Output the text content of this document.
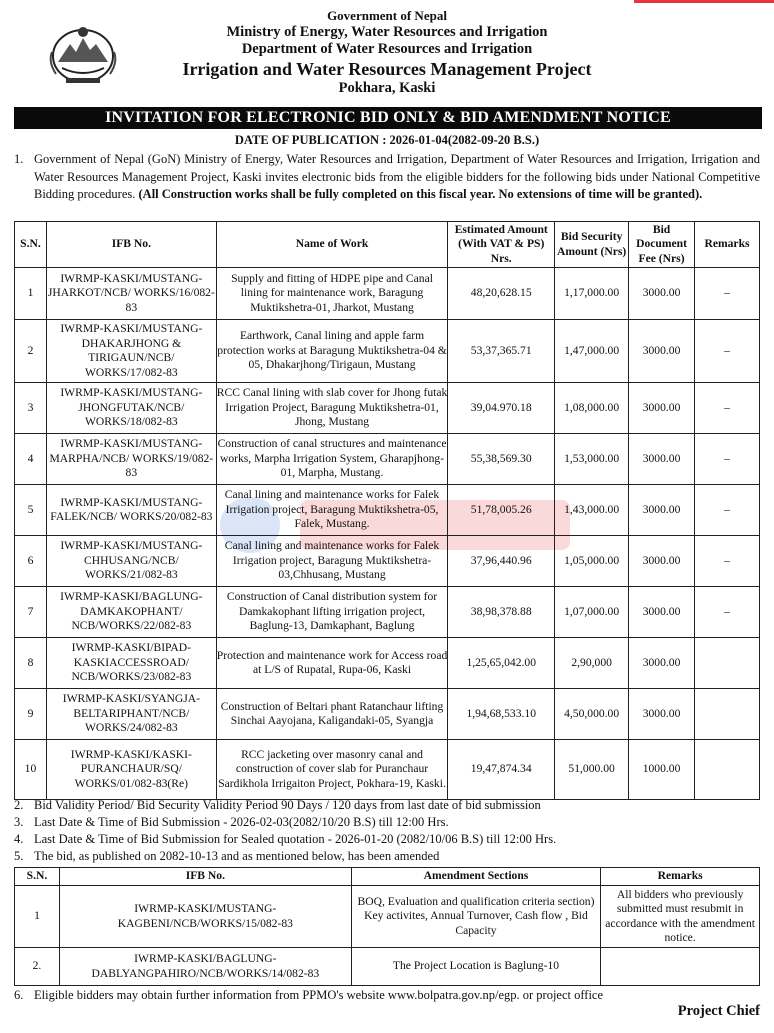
Government of Nepal
Ministry of Energy, Water Resources and Irrigation
Department of Water Resources and Irrigation
Irrigation and Water Resources Management Project
Pokhara, Kaski
INVITATION FOR ELECTRONIC BID ONLY & BID AMENDMENT NOTICE
DATE OF PUBLICATION : 2026-01-04(2082-09-20 B.S.)
1. Government of Nepal (GoN) Ministry of Energy, Water Resources and Irrigation, Department of Water Resources and Irrigation, Irrigation and Water Resources Management Project, Kaski invites electronic bids from the eligible bidders for the following bids under National Competitive Bidding procedures. (All Construction works shall be fully completed on this fiscal year. No extensions of time will be granted).
S.N.	IFB No.	Name of Work	Estimated Amount (With VAT & PS) Nrs.	Bid Security Amount (Nrs)	Bid Document Fee (Nrs)	Remarks
1	IWRMP-KASKI/MUSTANG-JHARKOT/NCB/ WORKS/16/082-83	Supply and fitting of HDPE pipe and Canal lining for maintenance work, Baragung Muktikshetra-01, Jharkot, Mustang	48,20,628.15	1,17,000.00	3000.00	–
2	IWRMP-KASKI/MUSTANG-DHAKARJHONG & TIRIGAUN/NCB/ WORKS/17/082-83	Earthwork, Canal lining and apple farm protection works at Baragung Muktikshetra-04 & 05, Dhakarjhong/Tirigaun, Mustang	53,37,365.71	1,47,000.00	3000.00	–
3	IWRMP-KASKI/MUSTANG-JHONGFUTAK/NCB/ WORKS/18/082-83	RCC Canal lining with slab cover for Jhong futak Irrigation Project, Baragung Muktikshetra-01, Jhong, Mustang	39,04.970.18	1,08,000.00	3000.00	–
4	IWRMP-KASKI/MUSTANG-MARPHA/NCB/ WORKS/19/082-83	Construction of canal structures and maintenance works, Marpha Irrigation System, Gharapjhong-01, Marpha, Mustang.	55,38,569.30	1,53,000.00	3000.00	–
5	IWRMP-KASKI/MUSTANG-FALEK/NCB/ WORKS/20/082-83	Canal lining and maintenance works for Falek Irrigation project, Baragung Muktikshetra-05, Falek, Mustang.	51,78,005.26	1,43,000.00	3000.00	–
6	IWRMP-KASKI/MUSTANG-CHHUSANG/NCB/ WORKS/21/082-83	Canal lining and maintenance works for Falek Irrigation project, Baragung Muktikshetra-03,Chhusang, Mustang	37,96,440.96	1,05,000.00	3000.00	–
7	IWRMP-KASKI/BAGLUNG-DAMKAKOPHANT/ NCB/WORKS/22/082-83	Construction of Canal distribution system for Damkakophant lifting irrigation project, Baglung-13, Damkaphant, Baglung	38,98,378.88	1,07,000.00	3000.00	–
8	IWRMP-KASKI/BIPAD-KASKIACCESSROAD/ NCB/WORKS/23/082-83	Protection and maintenance work for Access road at L/S of Rupatal, Rupa-06, Kaski	1,25,65,042.00	2,90,000	3000.00	
9	IWRMP-KASKI/SYANGJA-BELTARIPHANT/NCB/ WORKS/24/082-83	Construction of Beltari phant Ratanchaur lifting Sinchai Aayojana, Kaligandaki-05, Syangja	1,94,68,533.10	4,50,000.00	3000.00	
10	IWRMP-KASKI/KASKI-PURANCHAUR/SQ/ WORKS/01/082-83(Re)	RCC jacketing over masonry canal and construction of cover slab for Puranchaur Sardikhola Irrigaiton Project, Pokhara-19, Kaski.	19,47,874.34	51,000.00	1000.00	
2. Bid Validity Period/ Bid Security Validity Period 90 Days / 120 days from last date of bid submission
3. Last Date & Time of Bid Submission - 2026-02-03(2082/10/20 B.S) till 12:00 Hrs.
4. Last Date & Time of Bid Submission for Sealed quotation - 2026-01-20 (2082/10/06 B.S) till 12:00 Hrs.
5. The bid, as published on 2082-10-13 and as mentioned below, has been amended
S.N.	IFB No.	Amendment Sections	Remarks
1	IWRMP-KASKI/MUSTANG-KAGBENI/NCB/WORKS/15/082-83	BOQ, Evaluation and qualification criteria section) Key activites, Annual Turnover, Cash flow , Bid Capacity	All bidders who previously submitted must resubmit in accordance with the amendment notice.
2.	IWRMP-KASKI/BAGLUNG-DABLYANGPAHIRO/NCB/WORKS/14/082-83	The Project Location is Baglung-10	
6. Eligible bidders may obtain further information from PPMO's website www.bolpatra.gov.np/egp. or project office
Project Chief
